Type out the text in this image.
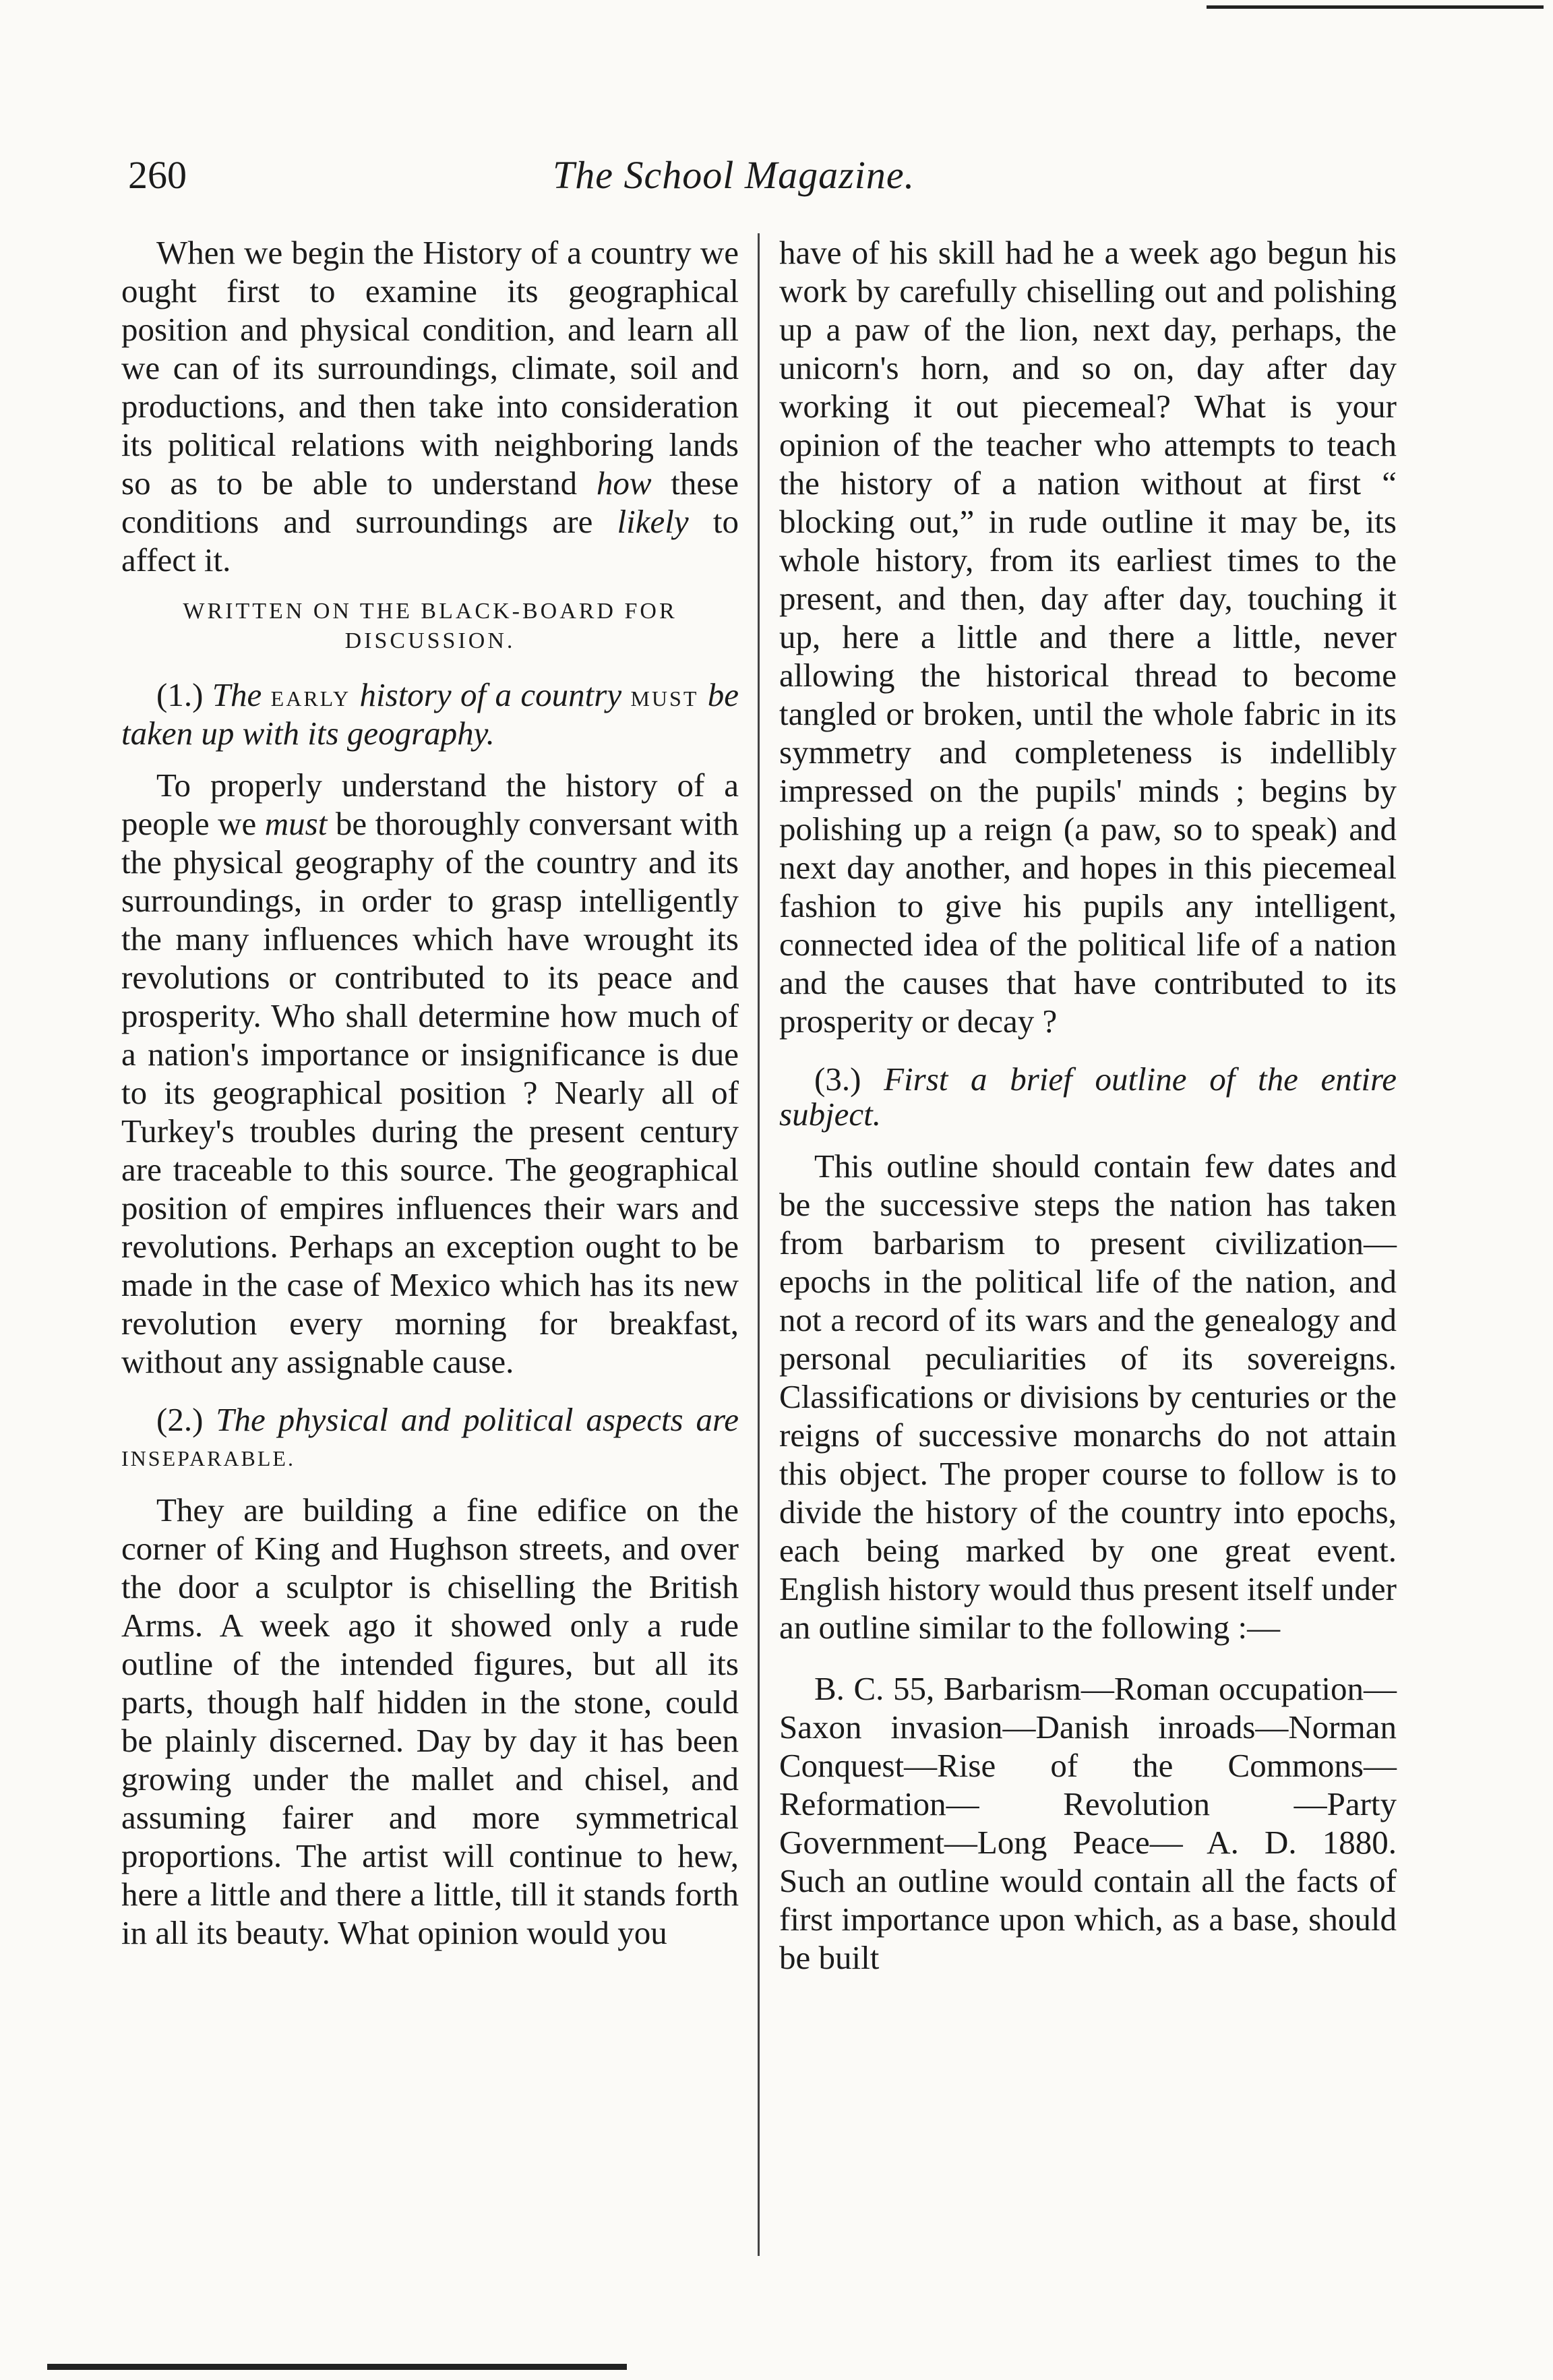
260	The School Magazine.

When we begin the History of a country we ought first to examine its geographical position and physical condition, and learn all we can of its surroundings, climate, soil and productions, and then take into consideration its political relations with neighboring lands so as to be able to understand how these conditions and surroundings are likely to affect it.

WRITTEN ON THE BLACK-BOARD FOR DISCUSSION.

(1.) The EARLY history of a country MUST be taken up with its geography.

To properly understand the history of a people we must be thoroughly conversant with the physical geography of the country and its surroundings, in order to grasp intelligently the many influences which have wrought its revolutions or contributed to its peace and prosperity. Who shall determine how much of a nation's importance or insignificance is due to its geographical position ? Nearly all of Turkey's troubles during the present century are traceable to this source. The geographical position of empires influences their wars and revolutions. Perhaps an exception ought to be made in the case of Mexico which has its new revolution every morning for breakfast, without any assignable cause.

(2.) The physical and political aspects are INSEPARABLE.

They are building a fine edifice on the corner of King and Hughson streets, and over the door a sculptor is chiselling the British Arms. A week ago it showed only a rude outline of the intended figures, but all its parts, though half hidden in the stone, could be plainly discerned. Day by day it has been growing under the mallet and chisel, and assuming fairer and more symmetrical proportions. The artist will continue to hew, here a little and there a little, till it stands forth in all its beauty. What opinion would you

have of his skill had he a week ago begun his work by carefully chiselling out and polishing up a paw of the lion, next day, perhaps, the unicorn's horn, and so on, day after day working it out piecemeal? What is your opinion of the teacher who attempts to teach the history of a nation without at first “ blocking out,” in rude outline it may be, its whole history, from its earliest times to the present, and then, day after day, touching it up, here a little and there a little, never allowing the historical thread to become tangled or broken, until the whole fabric in its symmetry and completeness is indellibly impressed on the pupils' minds ; begins by polishing up a reign (a paw, so to speak) and next day another, and hopes in this piecemeal fashion to give his pupils any intelligent, connected idea of the political life of a nation and the causes that have contributed to its prosperity or decay ?

(3.) First a brief outline of the entire subject.

This outline should contain few dates and be the successive steps the nation has taken from barbarism to present civilization—epochs in the political life of the nation, and not a record of its wars and the genealogy and personal peculiarities of its sovereigns. Classifications or divisions by centuries or the reigns of successive monarchs do not attain this object. The proper course to follow is to divide the history of the country into epochs, each being marked by one great event. English history would thus present itself under an outline similar to the following :—

B. C. 55, Barbarism—Roman occupation—Saxon invasion—Danish inroads—Norman Conquest—Rise of the Commons—Reformation— Revolution —Party Government—Long Peace— A. D. 1880. Such an outline would contain all the facts of first importance upon which, as a base, should be built
